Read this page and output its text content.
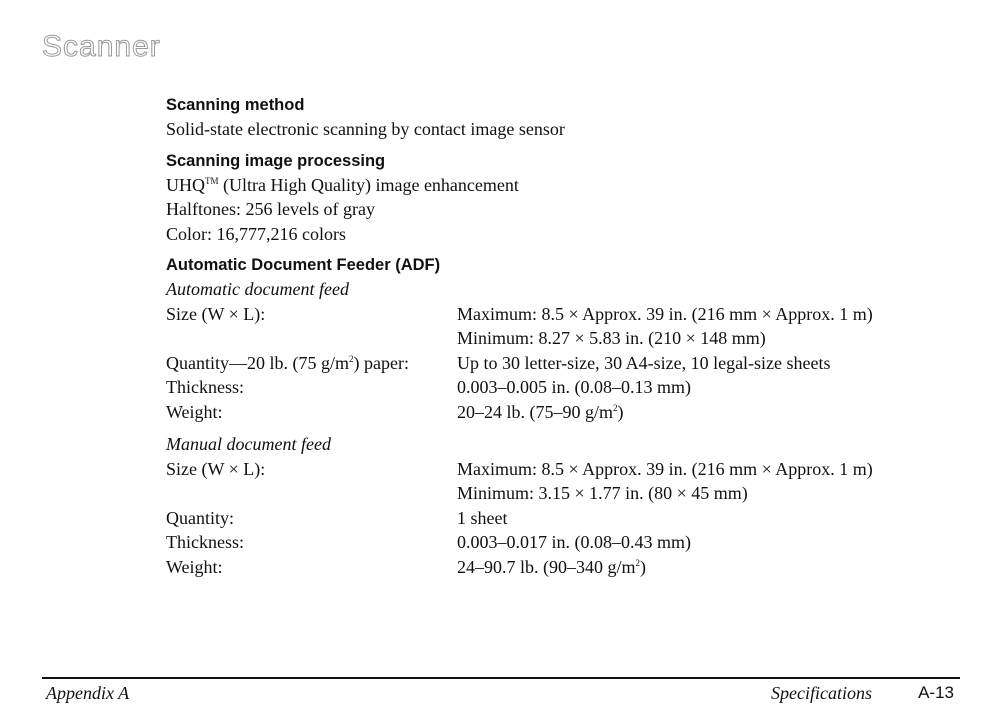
Scanner
Scanning method
Solid-state electronic scanning by contact image sensor
Scanning image processing
UHQ™ (Ultra High Quality) image enhancement
Halftones: 256 levels of gray
Color: 16,777,216 colors
Automatic Document Feeder (ADF)
Automatic document feed
Size (W × L):	Maximum: 8.5 × Approx. 39 in. (216 mm × Approx. 1 m)
Minimum: 8.27 × 5.83 in. (210 × 148 mm)
Quantity—20 lb. (75 $g/m^2$) paper:	Up to 30 letter-size, 30 A4-size, 10 legal-size sheets
Thickness:	0.003–0.005 in. (0.08–0.13 mm)
Weight:	20–24 lb. (75–90 $g/m^2$)
Manual document feed
Size (W × L):	Maximum: 8.5 × Approx. 39 in. (216 mm × Approx. 1 m)
Minimum: 3.15 × 1.77 in. (80 × 45 mm)
Quantity:	1 sheet
Thickness:	0.003–0.017 in. (0.08–0.43 mm)
Weight:	24–90.7 lb. (90–340 $g/m^2$)
Appendix A	Specifications	A-13
